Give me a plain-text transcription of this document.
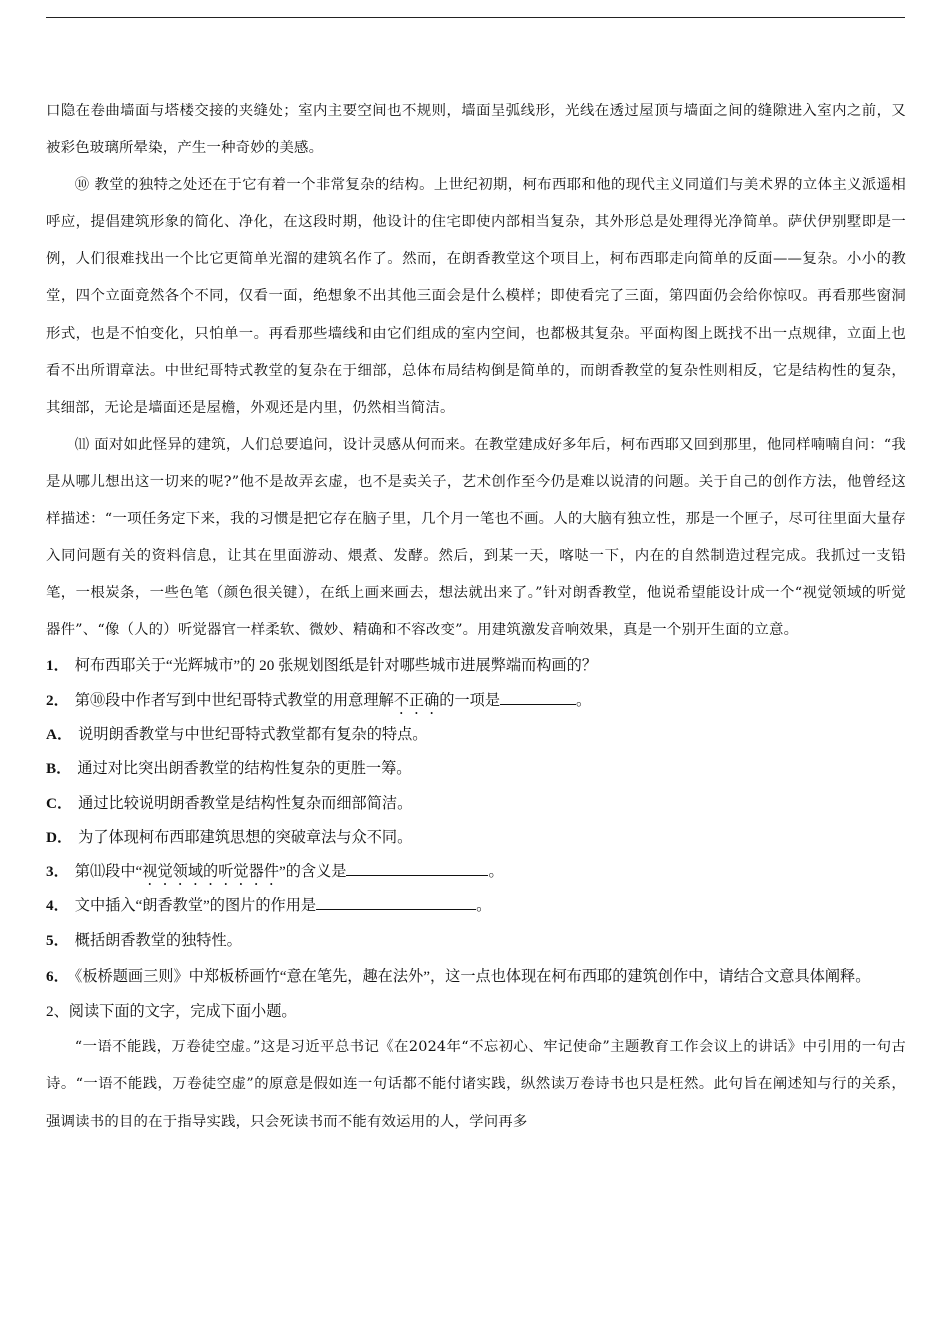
口隐在卷曲墙面与塔楼交接的夹缝处；室内主要空间也不规则，墙面呈弧线形，光线在透过屋顶与墙面之间的缝隙进入室内之前，又被彩色玻璃所晕染，产生一种奇妙的美感。

⑩ 教堂的独特之处还在于它有着一个非常复杂的结构。上世纪初期，柯布西耶和他的现代主义同道们与美术界的立体主义派遥相呼应，提倡建筑形象的简化、净化，在这段时期，他设计的住宅即使内部相当复杂，其外形总是处理得光净简单。萨伏伊别墅即是一例，人们很难找出一个比它更简单光溜的建筑名作了。然而，在朗香教堂这个项目上，柯布西耶走向简单的反面——复杂。小小的教堂，四个立面竟然各个不同，仅看一面，绝想象不出其他三面会是什么模样；即使看完了三面，第四面仍会给你惊叹。再看那些窗洞形式，也是不怕变化，只怕单一。再看那些墙线和由它们组成的室内空间，也都极其复杂。平面构图上既找不出一点规律，立面上也看不出所谓章法。中世纪哥特式教堂的复杂在于细部，总体布局结构倒是简单的，而朗香教堂的复杂性则相反，它是结构性的复杂，其细部，无论是墙面还是屋檐，外观还是内里，仍然相当简洁。

⑾ 面对如此怪异的建筑，人们总要追问，设计灵感从何而来。在教堂建成好多年后，柯布西耶又回到那里，他同样喃喃自问：“我是从哪儿想出这一切来的呢?”他不是故弄玄虚，也不是卖关子，艺术创作至今仍是难以说清的问题。关于自己的创作方法，他曾经这样描述：“一项任务定下来，我的习惯是把它存在脑子里，几个月一笔也不画。人的大脑有独立性，那是一个匣子，尽可往里面大量存入同问题有关的资料信息，让其在里面游动、煨煮、发酵。然后，到某一天，喀哒一下，内在的自然制造过程完成。我抓过一支铅笔，一根炭条，一些色笔（颜色很关键），在纸上画来画去，想法就出来了。”针对朗香教堂，他说希望能设计成一个“视觉领域的听觉器件”、“像（人的）听觉器官一样柔软、微妙、精确和不容改变”。用建筑激发音响效果，真是一个别开生面的立意。

1． 柯布西耶关于“光辉城市”的 20 张规划图纸是针对哪些城市进展弊端而构画的？

2． 第⑩段中作者写到中世纪哥特式教堂的用意理解不正确的一项是	。

A． 说明朗香教堂与中世纪哥特式教堂都有复杂的特点。

B． 通过对比突出朗香教堂的结构性复杂的更胜一筹。

C． 通过比较说明朗香教堂是结构性复杂而细部简洁。

D． 为了体现柯布西耶建筑思想的突破章法与众不同。

3． 第⑾段中“视觉领域的听觉器件”的含义是	。

4． 文中插入“朗香教堂”的图片的作用是	。

5． 概括朗香教堂的独特性。

6． 《板桥题画三则》中郑板桥画竹“意在笔先，趣在法外”，这一点也体现在柯布西耶的建筑创作中，请结合文意具体阐释。

2、阅读下面的文字，完成下面小题。

“一语不能践，万卷徒空虚。”这是习近平总书记《在2024年“不忘初心、牢记使命”主题教育工作会议上的讲话》中引用的一句古诗。“一语不能践，万卷徒空虚”的原意是假如连一句话都不能付诸实践，纵然读万卷诗书也只是枉然。此句旨在阐述知与行的关系，强调读书的目的在于指导实践，只会死读书而不能有效运用的人，学问再多
